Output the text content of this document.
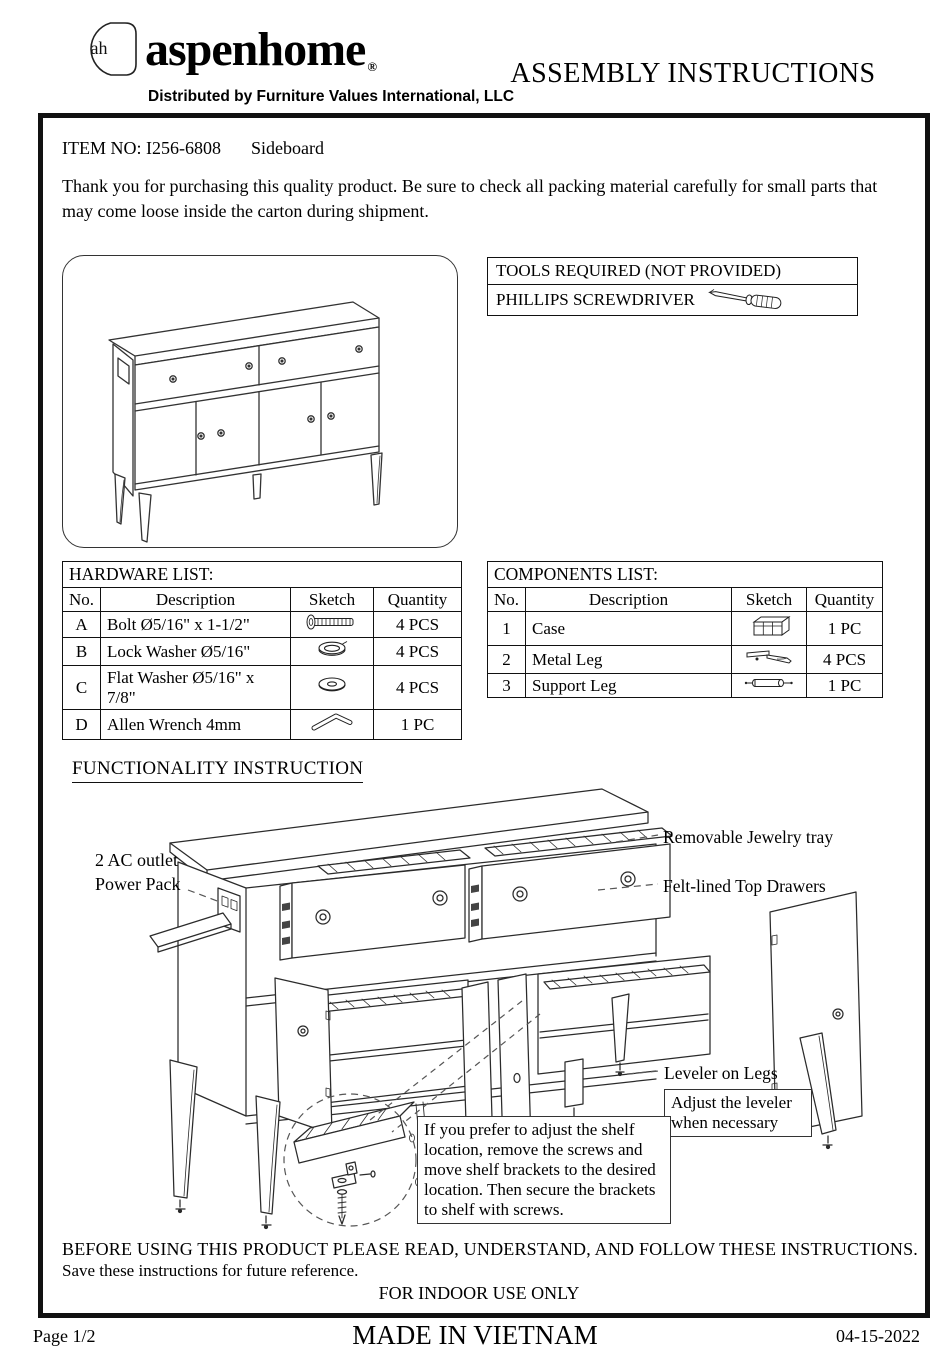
ah aspenhome ®
Distributed by Furniture Values International, LLC
ASSEMBLY INSTRUCTIONS
ITEM NO: I256-6808 Sideboard
Thank you for purchasing this quality product. Be sure to check all packing material carefully for small parts that may come loose inside the carton during shipment.
TOOLS REQUIRED (NOT PROVIDED)
PHILLIPS SCREWDRIVER
HARDWARE LIST:			
No.	Description	Sketch	Quantity
A	Bolt Ø5/16" x 1-1/2"		4 PCS
B	Lock Washer Ø5/16"		4 PCS
C	Flat Washer Ø5/16" x 7/8"		4 PCS
D	Allen Wrench 4mm		1 PC
COMPONENTS LIST:			
No.	Description	Sketch	Quantity
1	Case		1 PC
2	Metal Leg		4 PCS
3	Support Leg		1 PC
FUNCTIONALITY INSTRUCTION
2 AC outlet
Power Pack
Removable Jewelry tray
Felt-lined Top Drawers
Leveler on Legs
Adjust the leveler when necessary
If you prefer to adjust the shelf location, remove the screws and move shelf brackets to the desired location. Then secure the brackets to shelf with screws.
BEFORE USING THIS PRODUCT PLEASE READ, UNDERSTAND, AND FOLLOW THESE INSTRUCTIONS.
Save these instructions for future reference.
FOR INDOOR USE ONLY
Page 1/2	MADE IN VIETNAM	04-15-2022
